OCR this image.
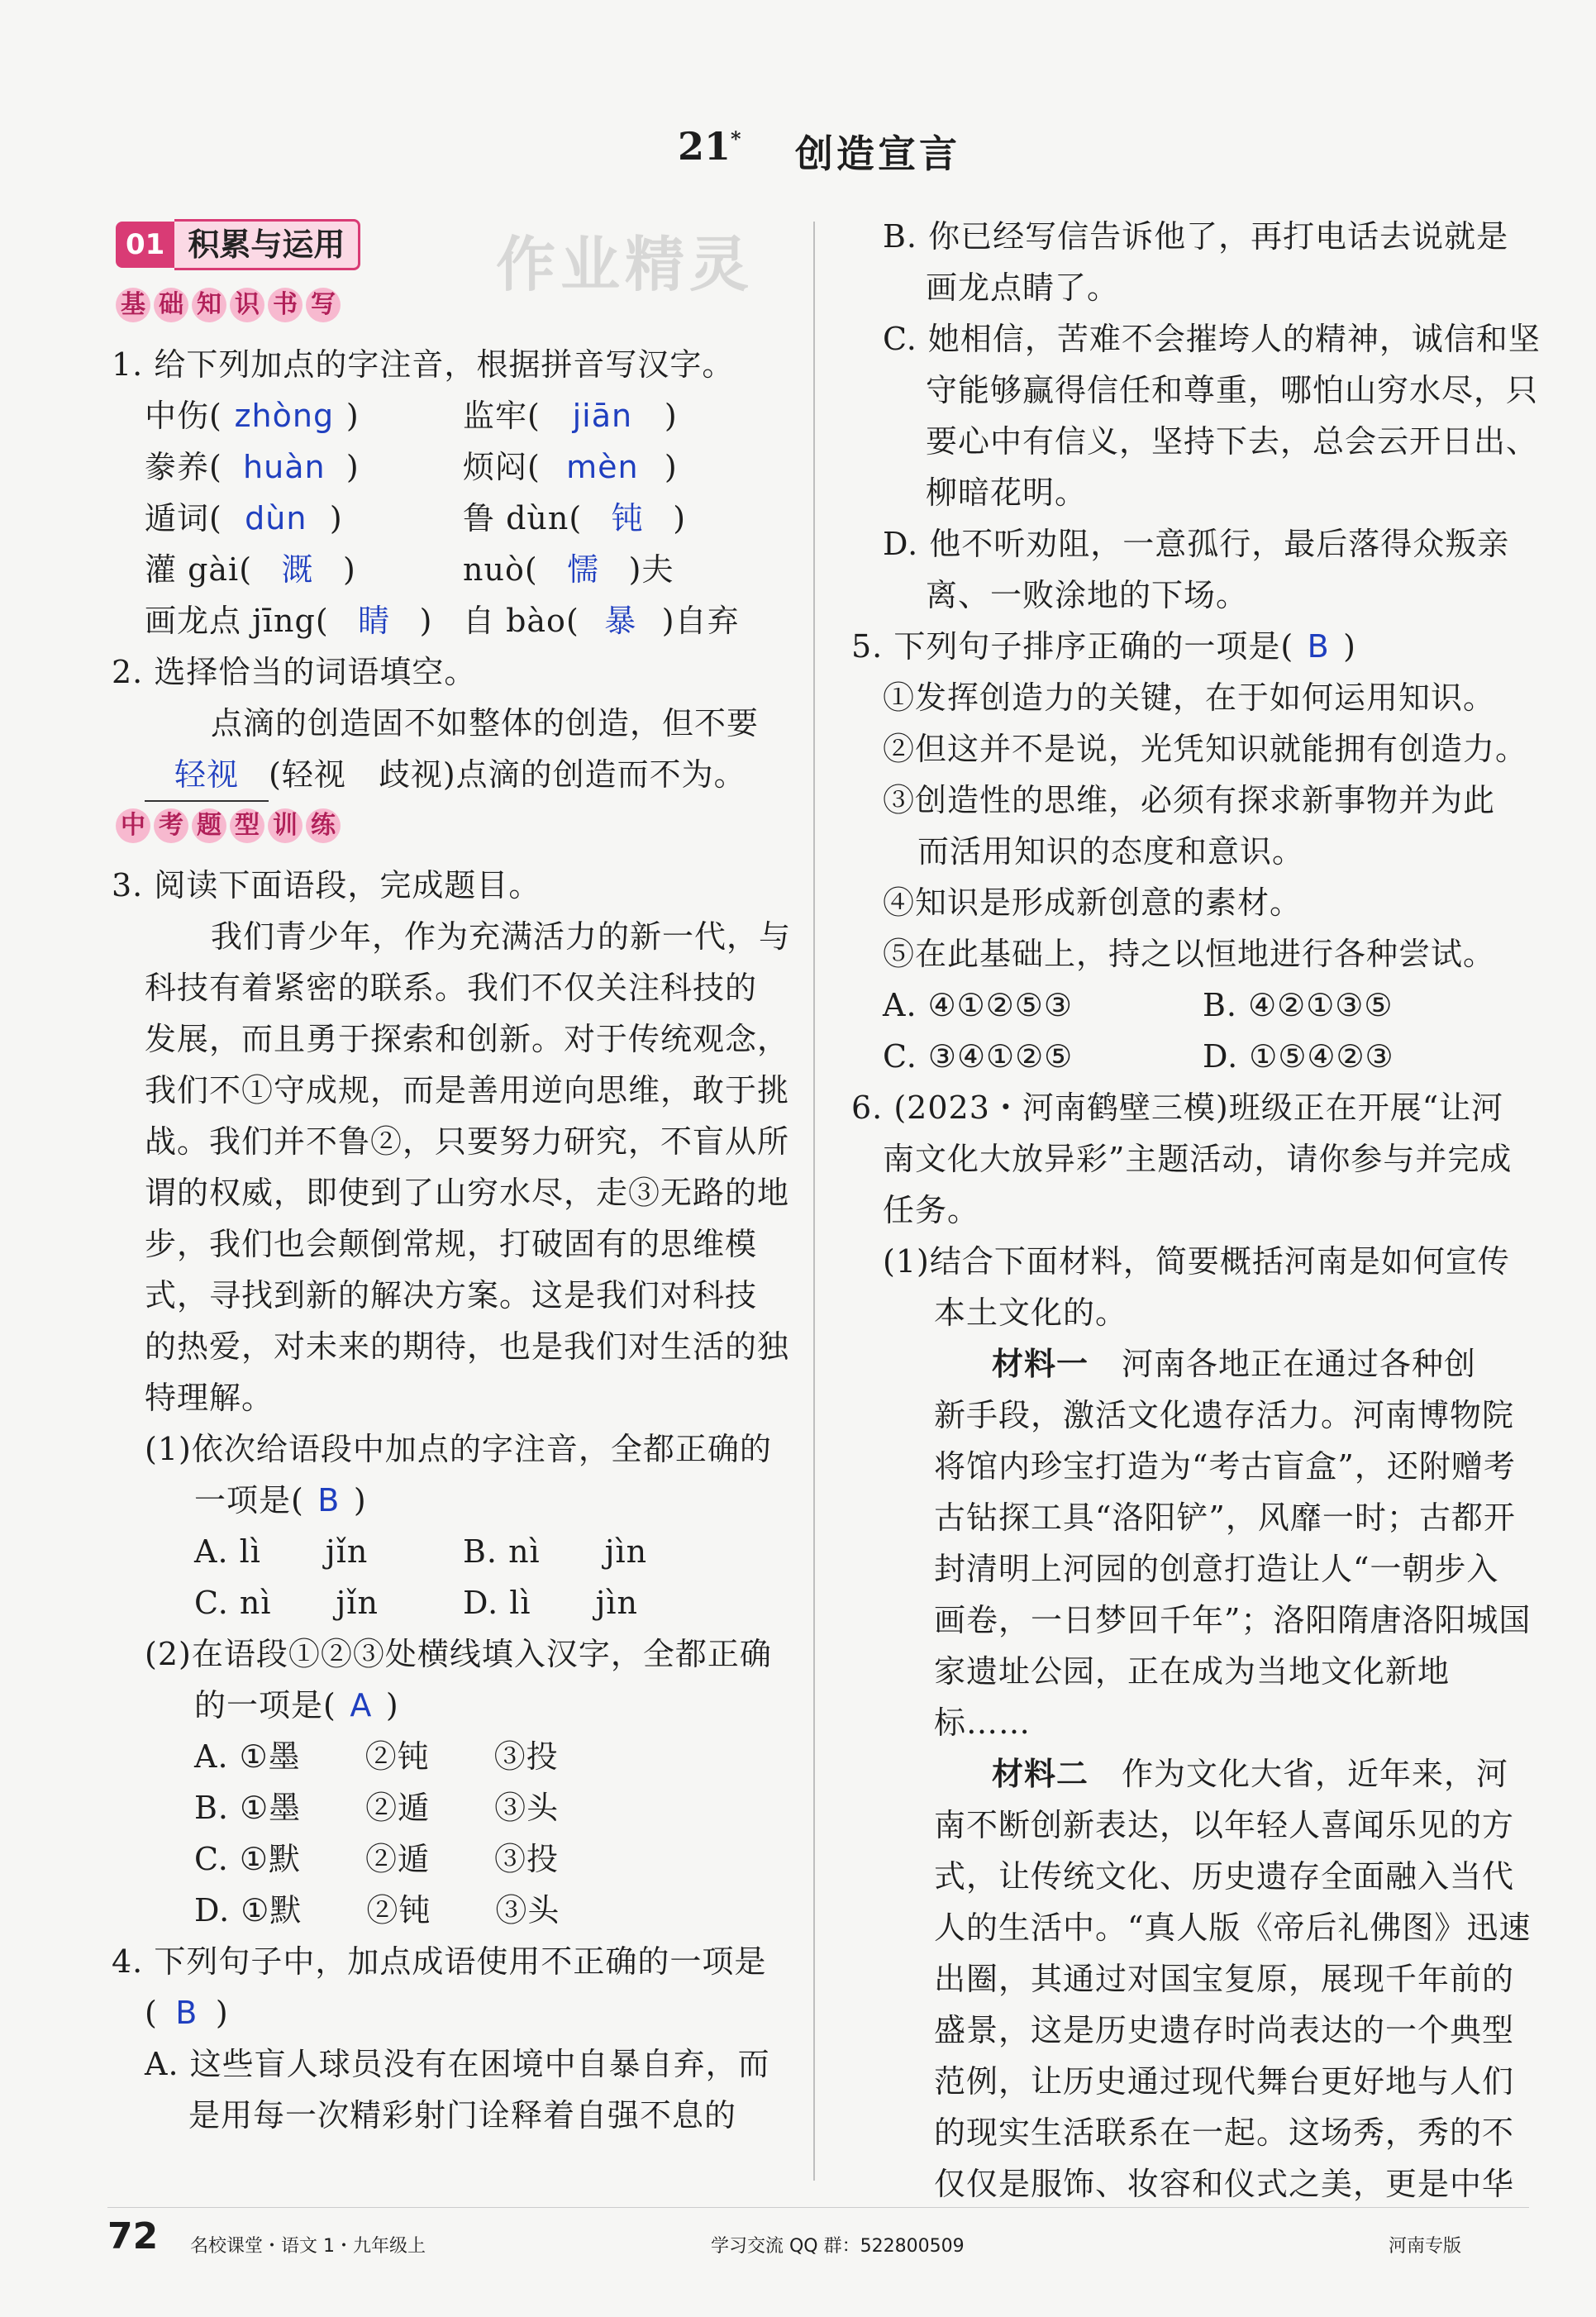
21* 创造宣言
01 积累与运用	作业精灵
基 础 知 识 书 写
1. 给下列加点的字注音，根据拼音写汉字。
中伤( zhòng )	监牢( jiān )
豢养( huàn )	烦闷( mèn )
遁词( dùn )	鲁 dùn( 钝 )
灌 gài( 溉 )	nuò( 懦 )夫
画龙点 jīng( 睛 ) 自 bào( 暴 )自弃
2. 选择恰当的词语填空。
点滴的创造固不如整体的创造，但不要
轻视 (轻视　歧视)点滴的创造而不为。
中 考 题 型 训 练
3. 阅读下面语段，完成题目。
我们青少年，作为充满活力的新一代，与
科技有着紧密的联系。我们不仅关注科技的
发展，而且勇于探索和创新。对于传统观念，
我们不①守成规，而是善用逆向思维，敢于挑
战。我们并不鲁②，只要努力研究，不盲从所
谓的权威，即使到了山穷水尽，走③无路的地
步，我们也会颠倒常规，打破固有的思维模
式，寻找到新的解决方案。这是我们对科技
的热爱，对未来的期待，也是我们对生活的独
特理解。
(1)依次给语段中加点的字注音，全都正确的
一项是( B )
A. lì　　jǐn	B. nì　　jìn
C. nì　　jǐn	D. lì　　jìn
(2)在语段①②③处横线填入汉字，全都正确
的一项是( A )
A. ①墨　　②钝　　③投
B. ①墨　　②遁　　③头
C. ①默　　②遁　　③投
D. ①默　　②钝　　③头
4. 下列句子中，加点成语使用不正确的一项是
( B )
A. 这些盲人球员没有在困境中自暴自弃，而
是用每一次精彩射门诠释着自强不息的
B. 你已经写信告诉他了，再打电话去说就是
画龙点睛了。
C. 她相信，苦难不会摧垮人的精神，诚信和坚
守能够赢得信任和尊重，哪怕山穷水尽，只
要心中有信义，坚持下去，总会云开日出、
柳暗花明。
D. 他不听劝阻，一意孤行，最后落得众叛亲
离、一败涂地的下场。
5. 下列句子排序正确的一项是( B )
①发挥创造力的关键，在于如何运用知识。
②但这并不是说，光凭知识就能拥有创造力。
③创造性的思维，必须有探求新事物并为此
而活用知识的态度和意识。
④知识是形成新创意的素材。
⑤在此基础上，持之以恒地进行各种尝试。
A. ④①②⑤③	B. ④②①③⑤
C. ③④①②⑤	D. ①⑤④②③
6. (2023・河南鹤壁三模)班级正在开展“让河
南文化大放异彩”主题活动，请你参与并完成
任务。
(1)结合下面材料，简要概括河南是如何宣传
本土文化的。
材料一 河南各地正在通过各种创
新手段，激活文化遗存活力。河南博物院
将馆内珍宝打造为“考古盲盒”，还附赠考
古钻探工具“洛阳铲”，风靡一时；古都开
封清明上河园的创意打造让人“一朝步入
画卷，一日梦回千年”；洛阳隋唐洛阳城国
家遗址公园，正在成为当地文化新地
标……
材料二 作为文化大省，近年来，河
南不断创新表达，以年轻人喜闻乐见的方
式，让传统文化、历史遗存全面融入当代
人的生活中。“真人版《帝后礼佛图》迅速
出圈，其通过对国宝复原，展现千年前的
盛景，这是历史遗存时尚表达的一个典型
范例，让历史通过现代舞台更好地与人们
的现实生活联系在一起。这场秀，秀的不
仅仅是服饰、妆容和仪式之美，更是中华
72 名校课堂・语文 1・九年级上	学习交流 QQ 群：522800509	河南专版
